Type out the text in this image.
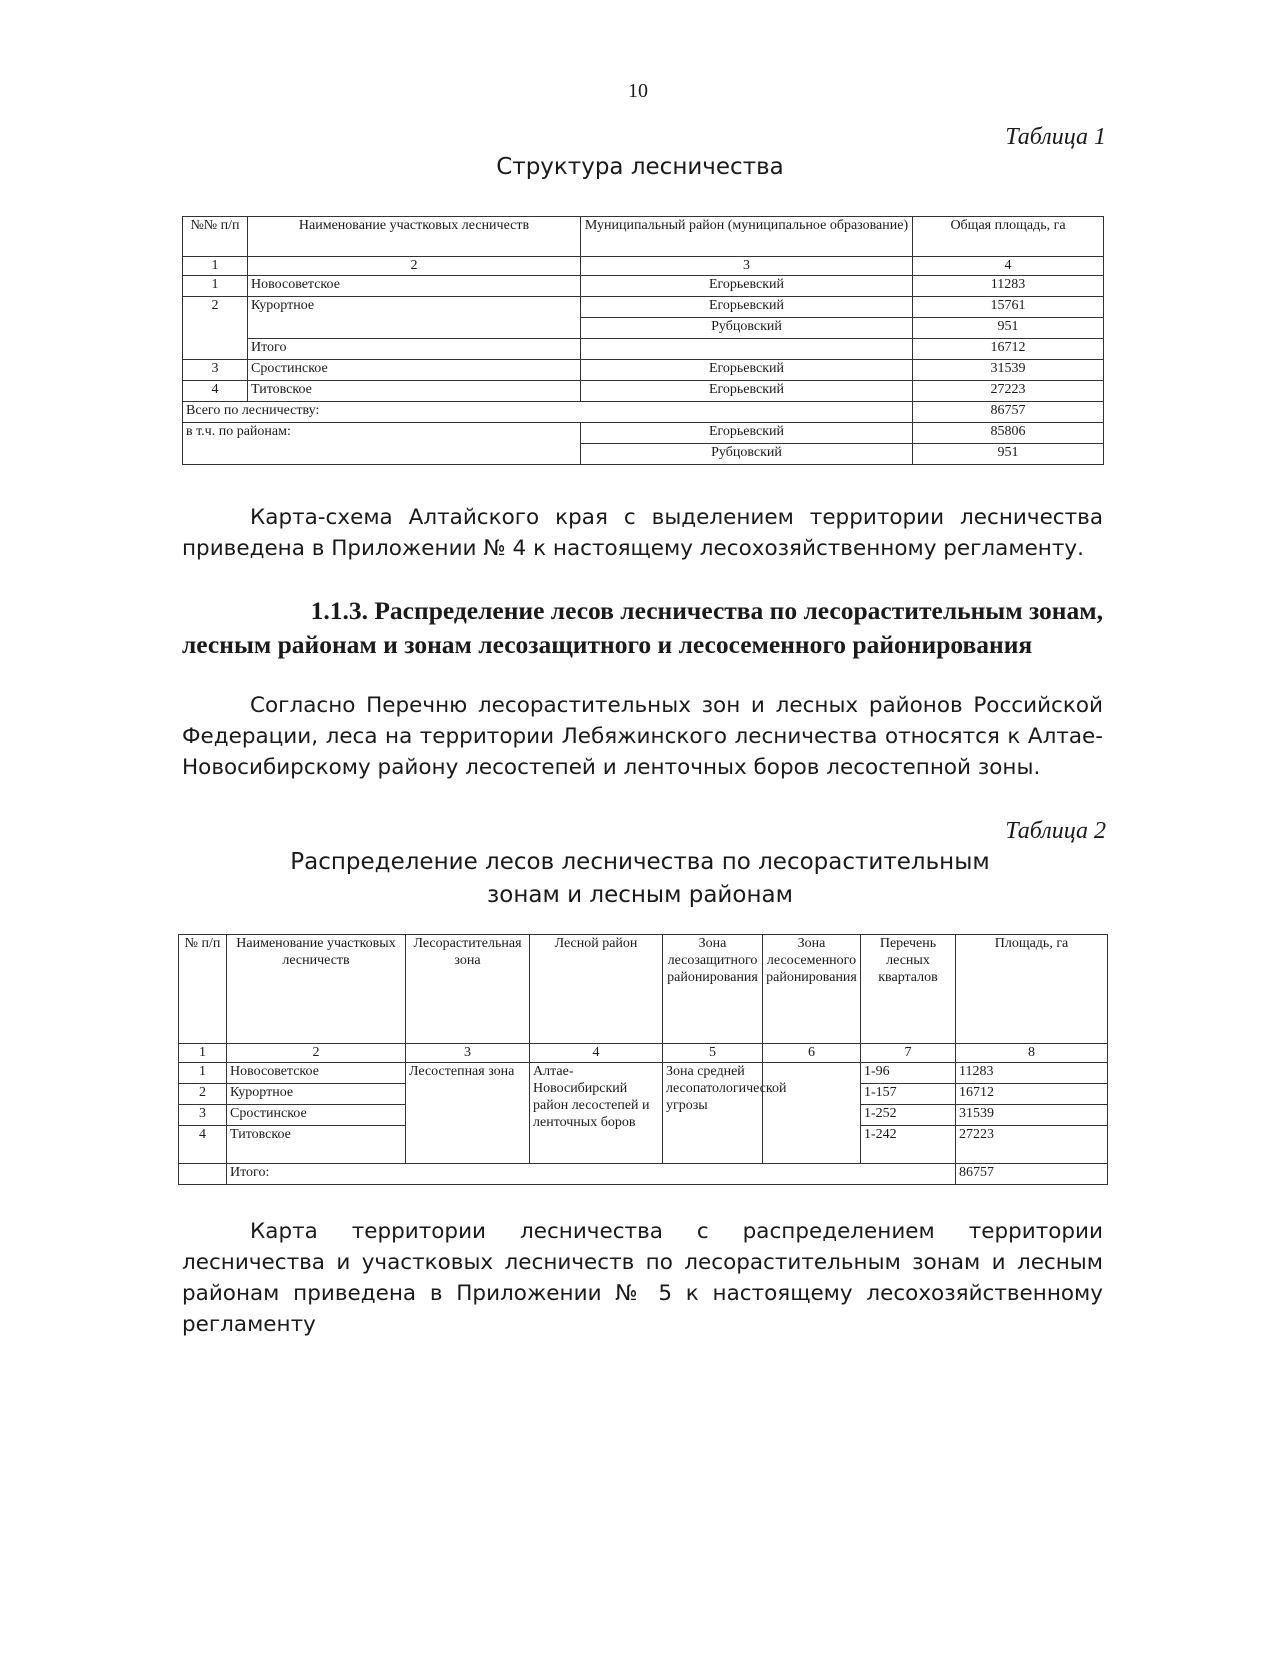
10
Таблица 1
Структура лесничества
№№ п/п	Наименование участковых лесничеств	Муниципальный район (муниципальное образование)	Общая площадь, га
1	2	3	4
1	Новосоветское	Егорьевский	11283
2	Курортное	Егорьевский	15761
		Рубцовский	951
	Итого		16712
3	Сростинское	Егорьевский	31539
4	Титовское	Егорьевский	27223
Всего по лесничеству:			86757
в т.ч. по районам:		Егорьевский	85806
		Рубцовский	951
Карта-схема Алтайского края с выделением территории лесничества
приведена в Приложении № 4 к настоящему лесохозяйственному регламенту.
1.1.3. Распределение лесов лесничества по лесорастительным зонам,
лесным районам и зонам лесозащитного и лесосеменного районирования
Согласно Перечню лесорастительных зон и лесных районов Российской
Федерации, леса на территории Лебяжинского лесничества относятся к Алтае-
Новосибирскому району лесостепей и ленточных боров лесостепной зоны.
Таблица 2
Распределение лесов лесничества по лесорастительным
зонам и лесным районам
№ п/п	Наименование участковых лесничеств	Лесорастительная зона	Лесной район	Зона лесозащитного районирования	Зона лесосеменного районирования	Перечень лесных кварталов	Площадь, га
1	2	3	4	5	6	7	8
1	Новосоветское	Лесостепная зона	Алтае-Новосибирский район лесостепей и ленточных боров	Зона средней лесопатологической угрозы		1-96	11283
2	Курортное					1-157	16712
3	Сростинское					1-252	31539
4	Титовское					1-242	27223
	Итого:						86757
Карта территории лесничества с распределением территории
лесничества и участковых лесничеств по лесорастительным зонам и лесным
районам приведена в Приложении № 5 к настоящему лесохозяйственному
регламенту
